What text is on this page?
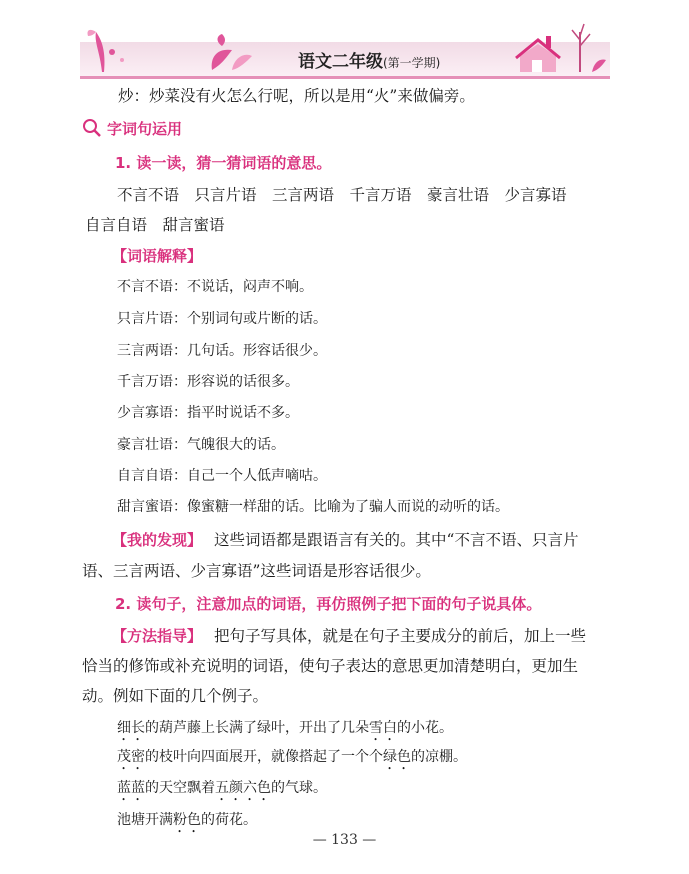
语文二年级(第一学期)
炒：炒菜没有火怎么行呢，所以是用“火”来做偏旁。
字词句运用
1. 读一读，猜一猜词语的意思。
不言不语　只言片语　三言两语　千言万语　豪言壮语　少言寡语
自言自语　甜言蜜语
【词语解释】
不言不语：不说话，闷声不响。
只言片语：个别词句或片断的话。
三言两语：几句话。形容话很少。
千言万语：形容说的话很多。
少言寡语：指平时说话不多。
豪言壮语：气魄很大的话。
自言自语：自己一个人低声嘀咕。
甜言蜜语：像蜜糖一样甜的话。比喻为了骗人而说的动听的话。
【我的发现】 这些词语都是跟语言有关的。其中“不言不语、只言片
语、三言两语、少言寡语”这些词语是形容话很少。
2. 读句子，注意加点的词语，再仿照例子把下面的句子说具体。
【方法指导】 把句子写具体，就是在句子主要成分的前后，加上一些
恰当的修饰或补充说明的词语，使句子表达的意思更加清楚明白，更加生
动。例如下面的几个例子。
细长的葫芦藤上长满了绿叶，开出了几朵雪白的小花。
茂密的枝叶向四面展开，就像搭起了一个个绿色的凉棚。
蓝蓝的天空飘着五颜六色的气球。
池塘开满粉色的荷花。
— 133 —
